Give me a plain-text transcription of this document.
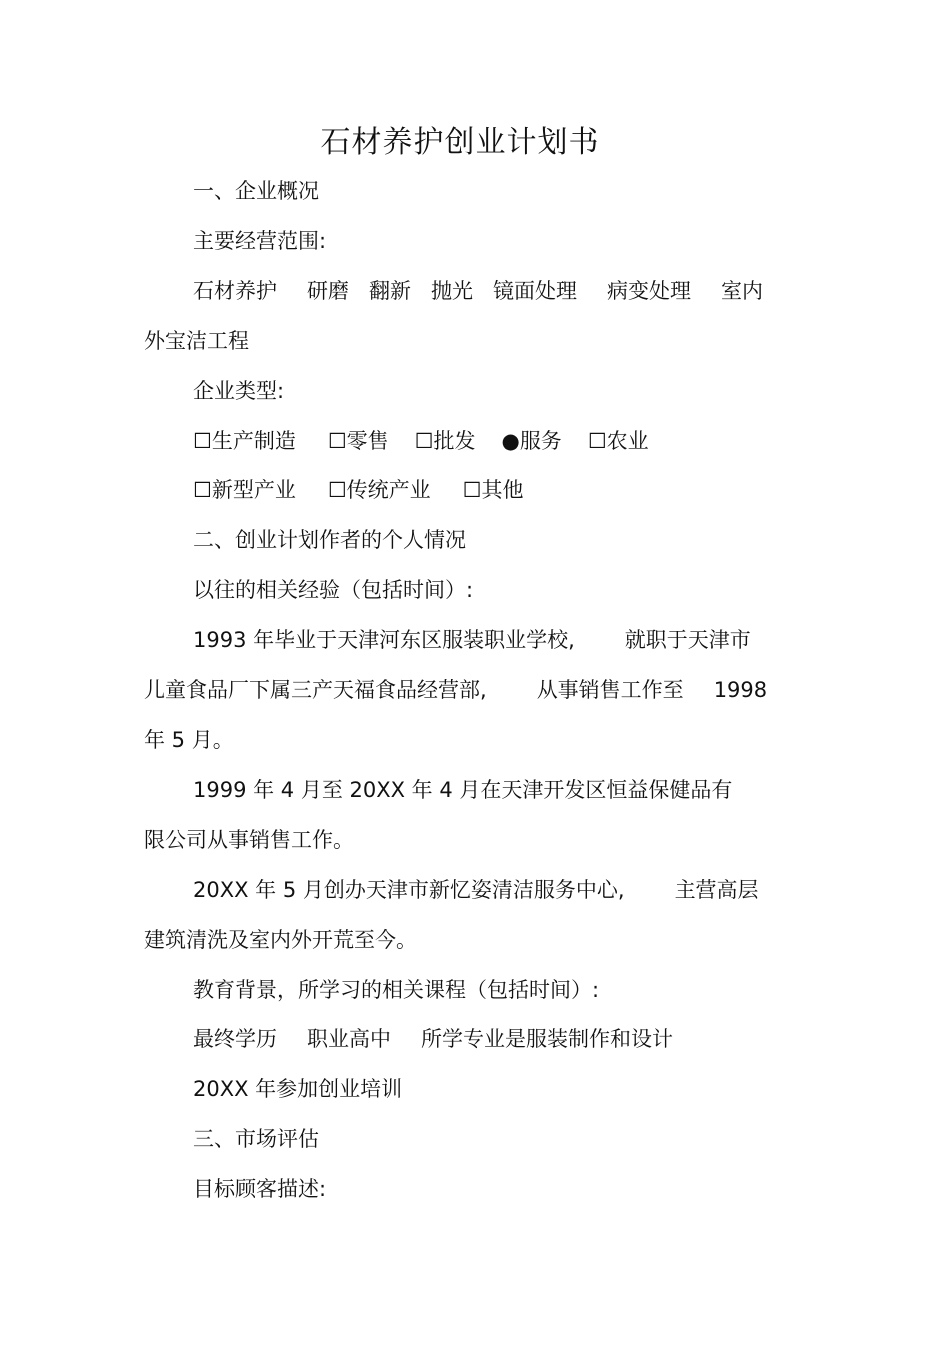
石材养护创业计划书
一、企业概况
主要经营范围:
石材养护 研磨 翻新 抛光 镜面处理 病变处理 室内
外宝洁工程
企业类型:
☐生产制造 ☐零售 ☐批发 ●服务 ☐农业
☐新型产业 ☐传统产业 ☐其他
二、创业计划作者的个人情况
以往的相关经验（包括时间）:
1993 年毕业于天津河东区服装职业学校, 就职于天津市
儿童食品厂下属三产天福食品经营部, 从事销售工作至 1998
年 5 月。
1999 年 4 月至 20XX 年 4 月在天津开发区恒益保健品有
限公司从事销售工作。
20XX 年 5 月创办天津市新忆姿清洁服务中心, 主营高层
建筑清洗及室内外开荒至今。
教育背景，所学习的相关课程（包括时间）:
最终学历 职业高中 所学专业是服装制作和设计
20XX 年参加创业培训
三、市场评估
目标顾客描述:
